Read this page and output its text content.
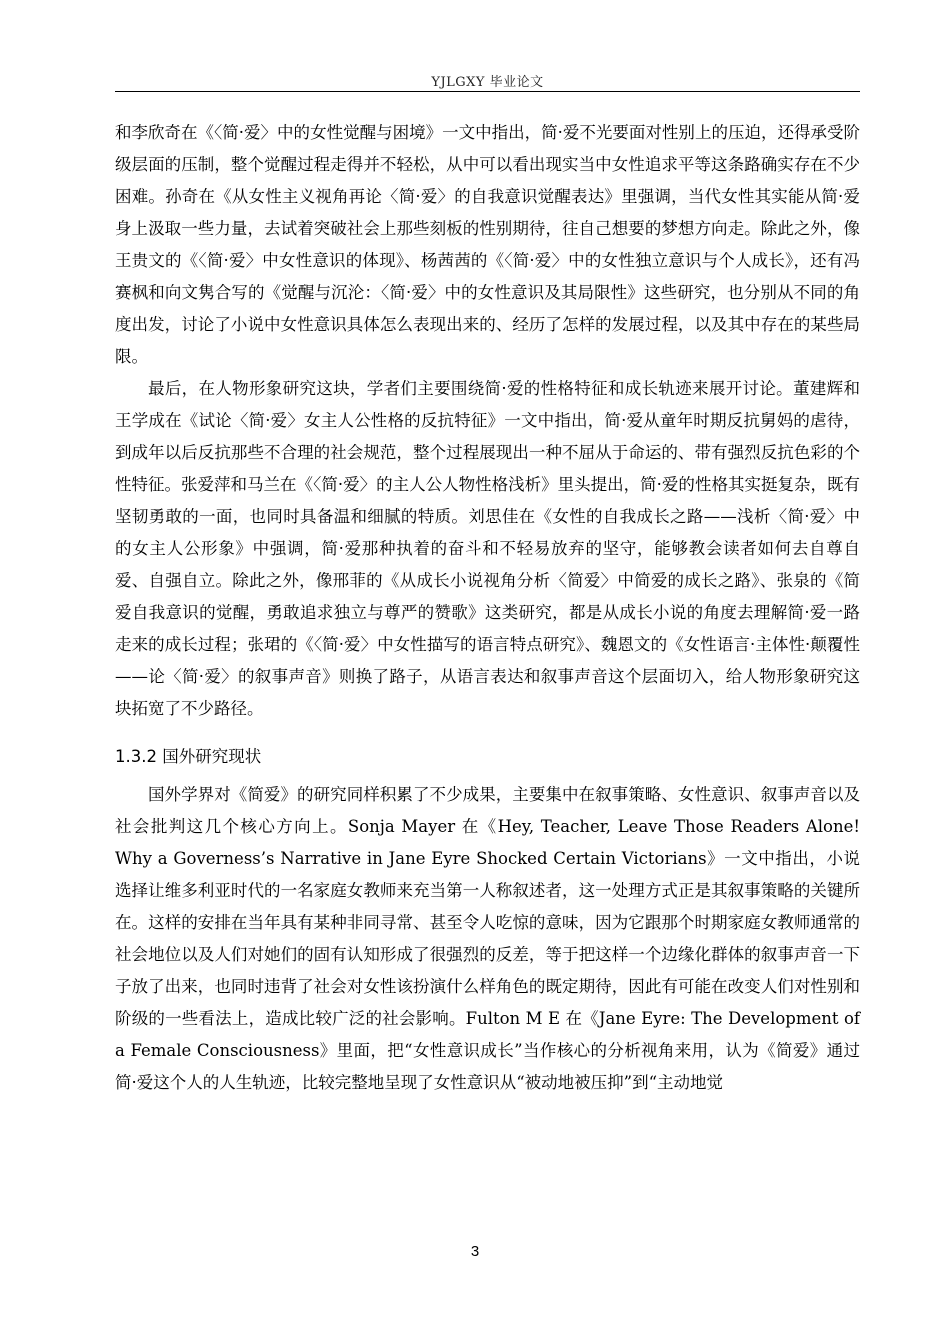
YJLGXY 毕业论文

和李欣奇在《〈简·爱〉中的女性觉醒与困境》一文中指出，简·爱不光要面对性别上的压迫，还得承受阶级层面的压制，整个觉醒过程走得并不轻松，从中可以看出现实当中女性追求平等这条路确实存在不少困难。孙奇在《从女性主义视角再论〈简·爱〉的自我意识觉醒表达》里强调，当代女性其实能从简·爱身上汲取一些力量，去试着突破社会上那些刻板的性别期待，往自己想要的梦想方向走。除此之外，像王贵文的《〈简·爱〉中女性意识的体现》、杨茜茜的《〈简·爱〉中的女性独立意识与个人成长》，还有冯赛枫和向文隽合写的《觉醒与沉沦：〈简·爱〉中的女性意识及其局限性》这些研究，也分别从不同的角度出发，讨论了小说中女性意识具体怎么表现出来的、经历了怎样的发展过程，以及其中存在的某些局限。

最后，在人物形象研究这块，学者们主要围绕简·爱的性格特征和成长轨迹来展开讨论。董建辉和王学成在《试论〈简·爱〉女主人公性格的反抗特征》一文中指出，简·爱从童年时期反抗舅妈的虐待，到成年以后反抗那些不合理的社会规范，整个过程展现出一种不屈从于命运的、带有强烈反抗色彩的个性特征。张爱萍和马兰在《〈简·爱〉的主人公人物性格浅析》里头提出，简·爱的性格其实挺复杂，既有坚韧勇敢的一面，也同时具备温和细腻的特质。刘思佳在《女性的自我成长之路——浅析〈简·爱〉中的女主人公形象》中强调，简·爱那种执着的奋斗和不轻易放弃的坚守，能够教会读者如何去自尊自爱、自强自立。除此之外，像邢菲的《从成长小说视角分析〈简爱〉中简爱的成长之路》、张泉的《简爱自我意识的觉醒，勇敢追求独立与尊严的赞歌》这类研究，都是从成长小说的角度去理解简·爱一路走来的成长过程；张珺的《〈简·爱〉中女性描写的语言特点研究》、魏恩文的《女性语言·主体性·颠覆性——论〈简·爱〉的叙事声音》则换了路子，从语言表达和叙事声音这个层面切入，给人物形象研究这块拓宽了不少路径。

1.3.2 国外研究现状

国外学界对《简爱》的研究同样积累了不少成果，主要集中在叙事策略、女性意识、叙事声音以及社会批判这几个核心方向上。Sonja Mayer 在《Hey, Teacher, Leave Those Readers Alone! Why a Governess’s Narrative in Jane Eyre Shocked Certain Victorians》一文中指出，小说选择让维多利亚时代的一名家庭女教师来充当第一人称叙述者，这一处理方式正是其叙事策略的关键所在。这样的安排在当年具有某种非同寻常、甚至令人吃惊的意味，因为它跟那个时期家庭女教师通常的社会地位以及人们对她们的固有认知形成了很强烈的反差，等于把这样一个边缘化群体的叙事声音一下子放了出来，也同时违背了社会对女性该扮演什么样角色的既定期待，因此有可能在改变人们对性别和阶级的一些看法上，造成比较广泛的社会影响。Fulton M E 在《Jane Eyre: The Development of a Female Consciousness》里面，把“女性意识成长”当作核心的分析视角来用，认为《简爱》通过简·爱这个人的人生轨迹，比较完整地呈现了女性意识从“被动地被压抑”到“主动地觉

3
